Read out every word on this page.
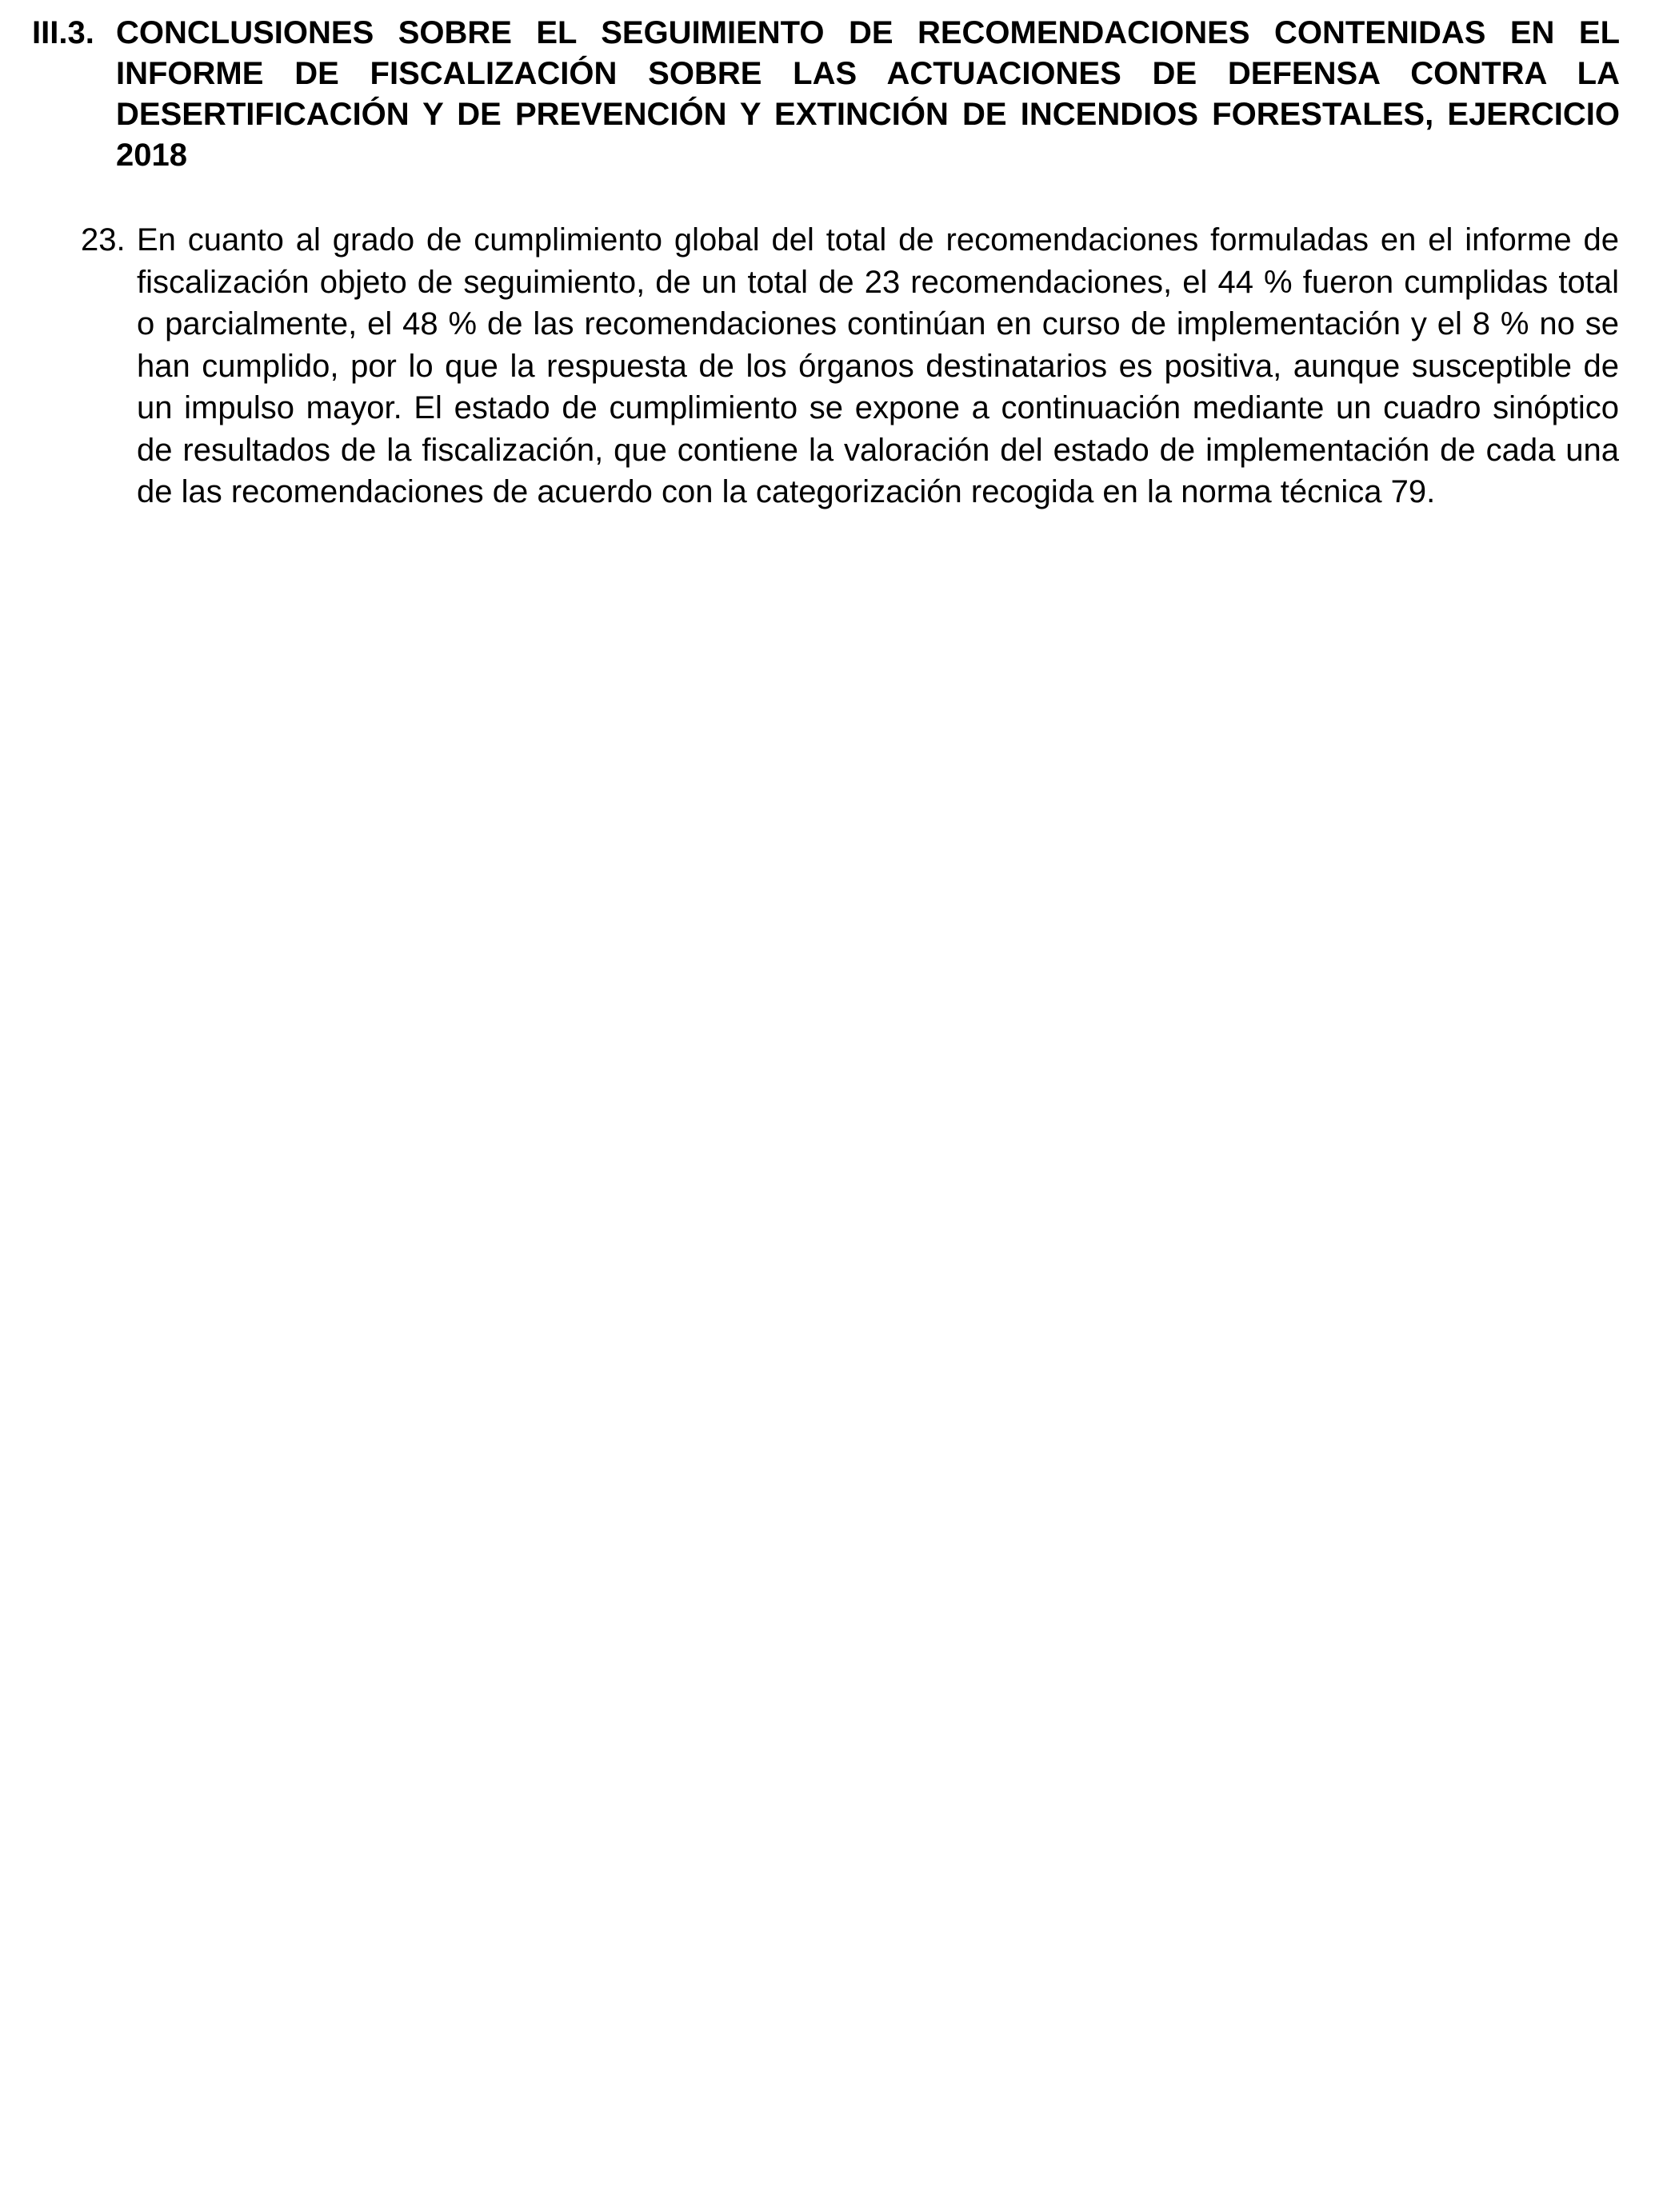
III.3. CONCLUSIONES SOBRE EL SEGUIMIENTO DE RECOMENDACIONES CONTENIDAS EN EL INFORME DE FISCALIZACIÓN SOBRE LAS ACTUACIONES DE DEFENSA CONTRA LA DESERTIFICACIÓN Y DE PREVENCIÓN Y EXTINCIÓN DE INCENDIOS FORESTALES, EJERCICIO 2018
23. En cuanto al grado de cumplimiento global del total de recomendaciones formuladas en el informe de fiscalización objeto de seguimiento, de un total de 23 recomendaciones, el 44 % fueron cumplidas total o parcialmente, el 48 % de las recomendaciones continúan en curso de implementación y el 8 % no se han cumplido, por lo que la respuesta de los órganos destinatarios es positiva, aunque susceptible de un impulso mayor. El estado de cumplimiento se expone a continuación mediante un cuadro sinóptico de resultados de la fiscalización, que contiene la valoración del estado de implementación de cada una de las recomendaciones de acuerdo con la categorización recogida en la norma técnica 79.
